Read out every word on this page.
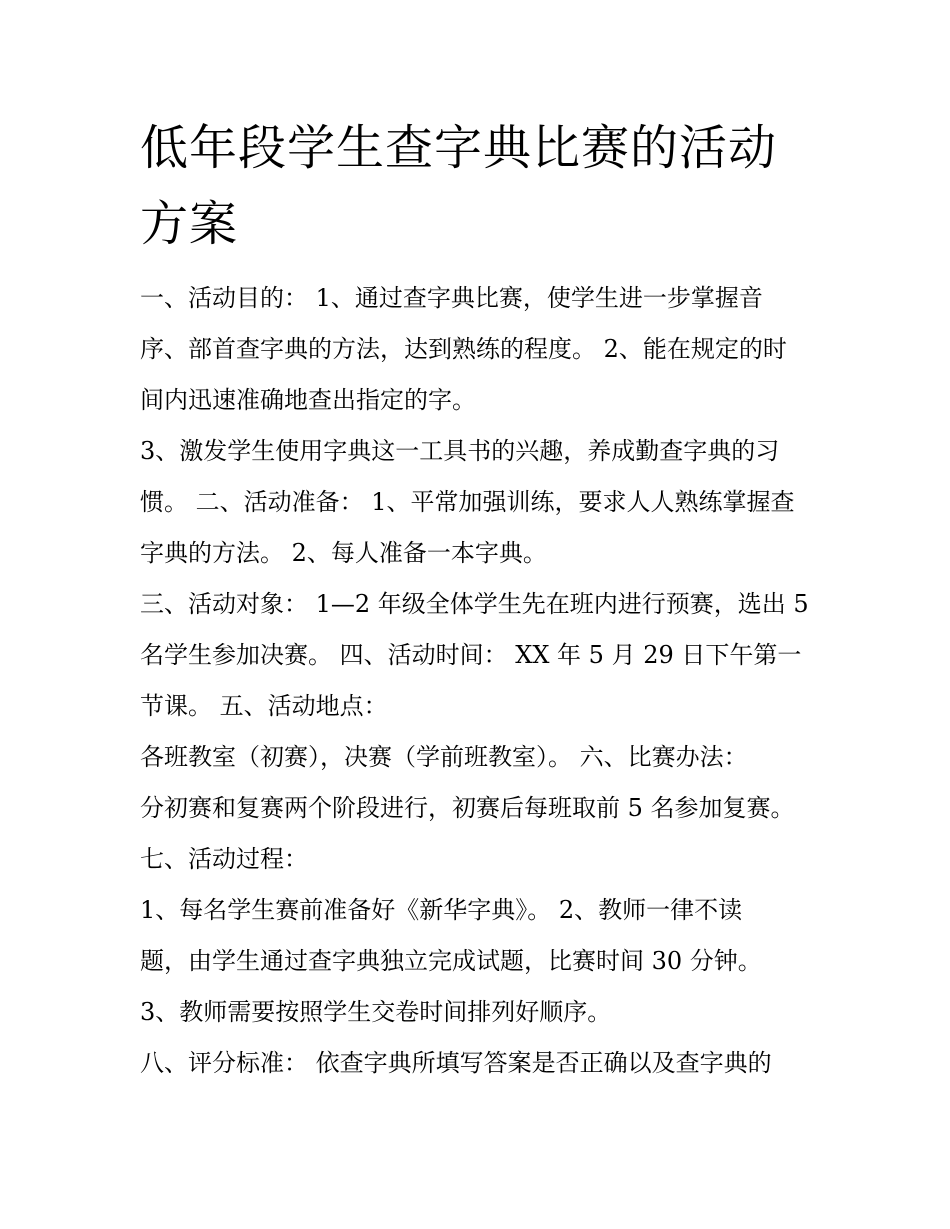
低年段学生查字典比赛的活动
方案
一、活动目的： 1、通过查字典比赛，使学生进一步掌握音
序、部首查字典的方法，达到熟练的程度。 2、能在规定的时
间内迅速准确地查出指定的字。
3、激发学生使用字典这一工具书的兴趣，养成勤查字典的习
惯。 二、活动准备： 1、平常加强训练，要求人人熟练掌握查
字典的方法。 2、每人准备一本字典。
三、活动对象： 1—2 年级全体学生先在班内进行预赛，选出 5
名学生参加决赛。 四、活动时间： XX 年 5 月 29 日下午第一
节课。 五、活动地点：
各班教室（初赛），决赛（学前班教室）。 六、比赛办法：
分初赛和复赛两个阶段进行，初赛后每班取前 5 名参加复赛。
七、活动过程：
1、每名学生赛前准备好《新华字典》。 2、教师一律不读
题，由学生通过查字典独立完成试题，比赛时间 30 分钟。
3、教师需要按照学生交卷时间排列好顺序。
八、评分标准： 依查字典所填写答案是否正确以及查字典的
